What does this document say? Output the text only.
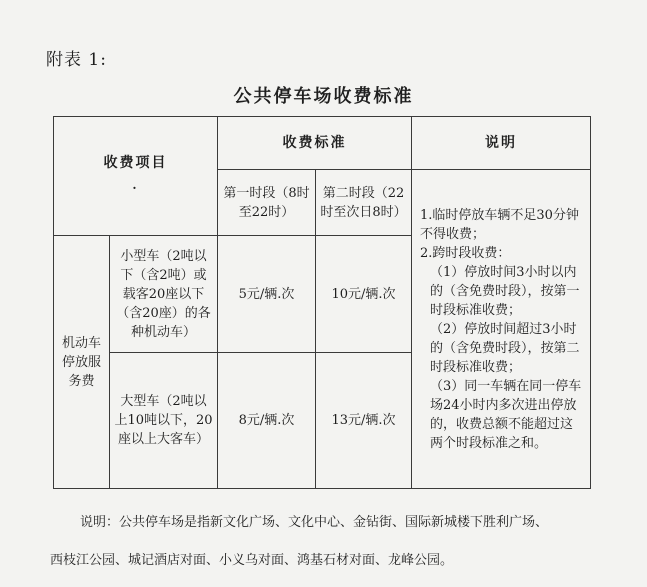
附表 1:
公共停车场收费标准
收费项目
·		收费标准		说明
		第一时段（8时至22时）	第二时段（22时至次日8时）	1.临时停放车辆不足30分钟不得收费；
2.跨时段收费：
（1）停放时间3小时以内的（含免费时段），按第一时段标准收费；
（2）停放时间超过3小时的（含免费时段），按第二时段标准收费；
（3）同一车辆在同一停车场24小时内多次进出停放的，收费总额不能超过这两个时段标准之和。

机动车停放服务费	小型车（2吨以下（含2吨）或载客20座以下（含20座）的各种机动车）	5元/辆.次	10元/辆.次	
	大型车（2吨以上10吨以下，20座以上大客车）	8元/辆.次	13元/辆.次	
说明：公共停车场是指新文化广场、文化中心、金钻街、国际新城楼下胜利广场、
西枝江公园、城记酒店对面、小义乌对面、鸿基石材对面、龙峰公园。
